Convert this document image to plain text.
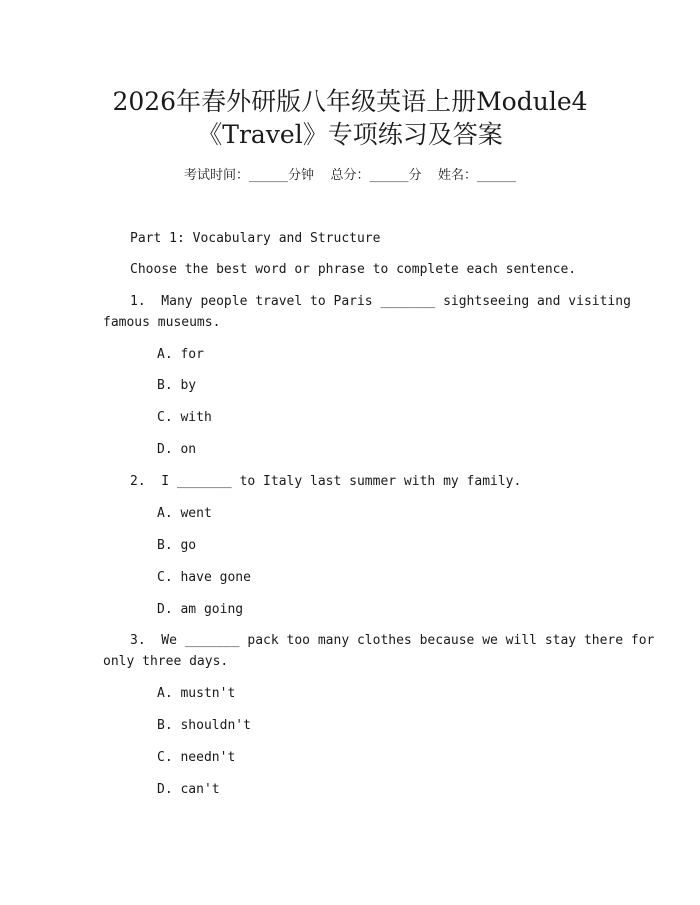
2026年春外研版八年级英语上册Module4
《Travel》专项练习及答案
考试时间：______分钟    总分：______分    姓名：______
Part 1: Vocabulary and Structure
Choose the best word or phrase to complete each sentence.
1.  Many people travel to Paris _______ sightseeing and visiting
famous museums.
A. for
B. by
C. with
D. on
2.  I _______ to Italy last summer with my family.
A. went
B. go
C. have gone
D. am going
3.  We _______ pack too many clothes because we will stay there for
only three days.
A. mustn't
B. shouldn't
C. needn't
D. can't
